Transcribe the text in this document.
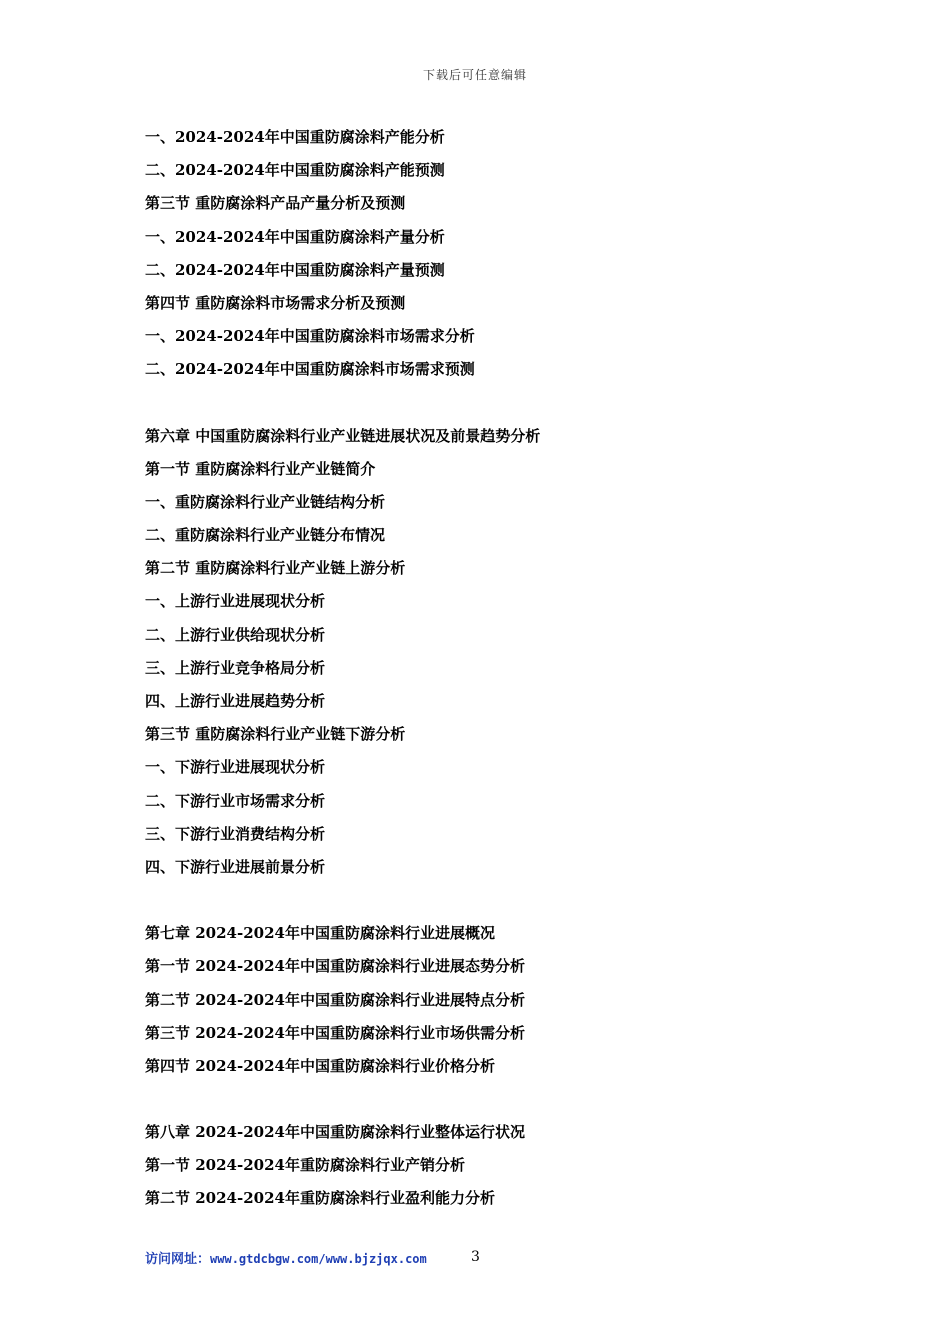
下载后可任意编辑
一、2024-2024年中国重防腐涂料产能分析
二、2024-2024年中国重防腐涂料产能预测
第三节 重防腐涂料产品产量分析及预测
一、2024-2024年中国重防腐涂料产量分析
二、2024-2024年中国重防腐涂料产量预测
第四节 重防腐涂料市场需求分析及预测
一、2024-2024年中国重防腐涂料市场需求分析
二、2024-2024年中国重防腐涂料市场需求预测
第六章 中国重防腐涂料行业产业链进展状况及前景趋势分析
第一节 重防腐涂料行业产业链简介
一、重防腐涂料行业产业链结构分析
二、重防腐涂料行业产业链分布情况
第二节 重防腐涂料行业产业链上游分析
一、上游行业进展现状分析
二、上游行业供给现状分析
三、上游行业竞争格局分析
四、上游行业进展趋势分析
第三节 重防腐涂料行业产业链下游分析
一、下游行业进展现状分析
二、下游行业市场需求分析
三、下游行业消费结构分析
四、下游行业进展前景分析
第七章 2024-2024年中国重防腐涂料行业进展概况
第一节 2024-2024年中国重防腐涂料行业进展态势分析
第二节 2024-2024年中国重防腐涂料行业进展特点分析
第三节 2024-2024年中国重防腐涂料行业市场供需分析
第四节 2024-2024年中国重防腐涂料行业价格分析
第八章 2024-2024年中国重防腐涂料行业整体运行状况
第一节 2024-2024年重防腐涂料行业产销分析
第二节 2024-2024年重防腐涂料行业盈利能力分析
访问网址：www.gtdcbgw.com/www.bjzjqx.com	3
